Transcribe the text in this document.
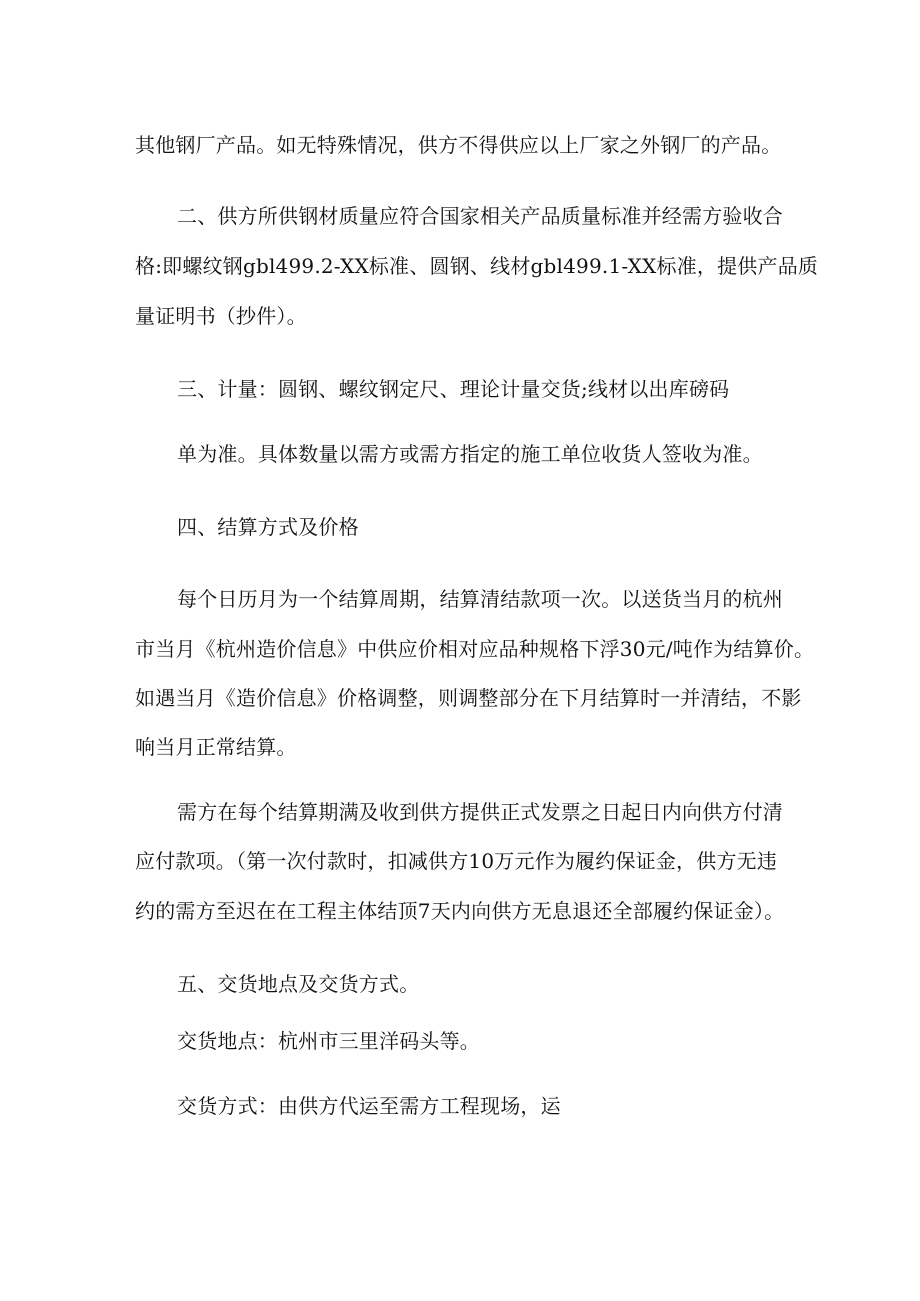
其他钢厂产品。如无特殊情况，供方不得供应以上厂家之外钢厂的产品。
二、供方所供钢材质量应符合国家相关产品质量标准并经需方验收合
格:即螺纹钢gbl499.2-XX标准、圆钢、线材gbl499.1-XX标准，提供产品质
量证明书（抄件）。
三、计量：圆钢、螺纹钢定尺、理论计量交货;线材以出库磅码
单为准。具体数量以需方或需方指定的施工单位收货人签收为准。
四、结算方式及价格
每个日历月为一个结算周期，结算清结款项一次。以送货当月的杭州
市当月《杭州造价信息》中供应价相对应品种规格下浮30元/吨作为结算价。
如遇当月《造价信息》价格调整，则调整部分在下月结算时一并清结，不影
响当月正常结算。
需方在每个结算期满及收到供方提供正式发票之日起日内向供方付清
应付款项。（第一次付款时，扣减供方10万元作为履约保证金，供方无违
约的需方至迟在在工程主体结顶7天内向供方无息退还全部履约保证金）。
五、交货地点及交货方式。
交货地点：杭州市三里洋码头等。
交货方式：由供方代运至需方工程现场，运
